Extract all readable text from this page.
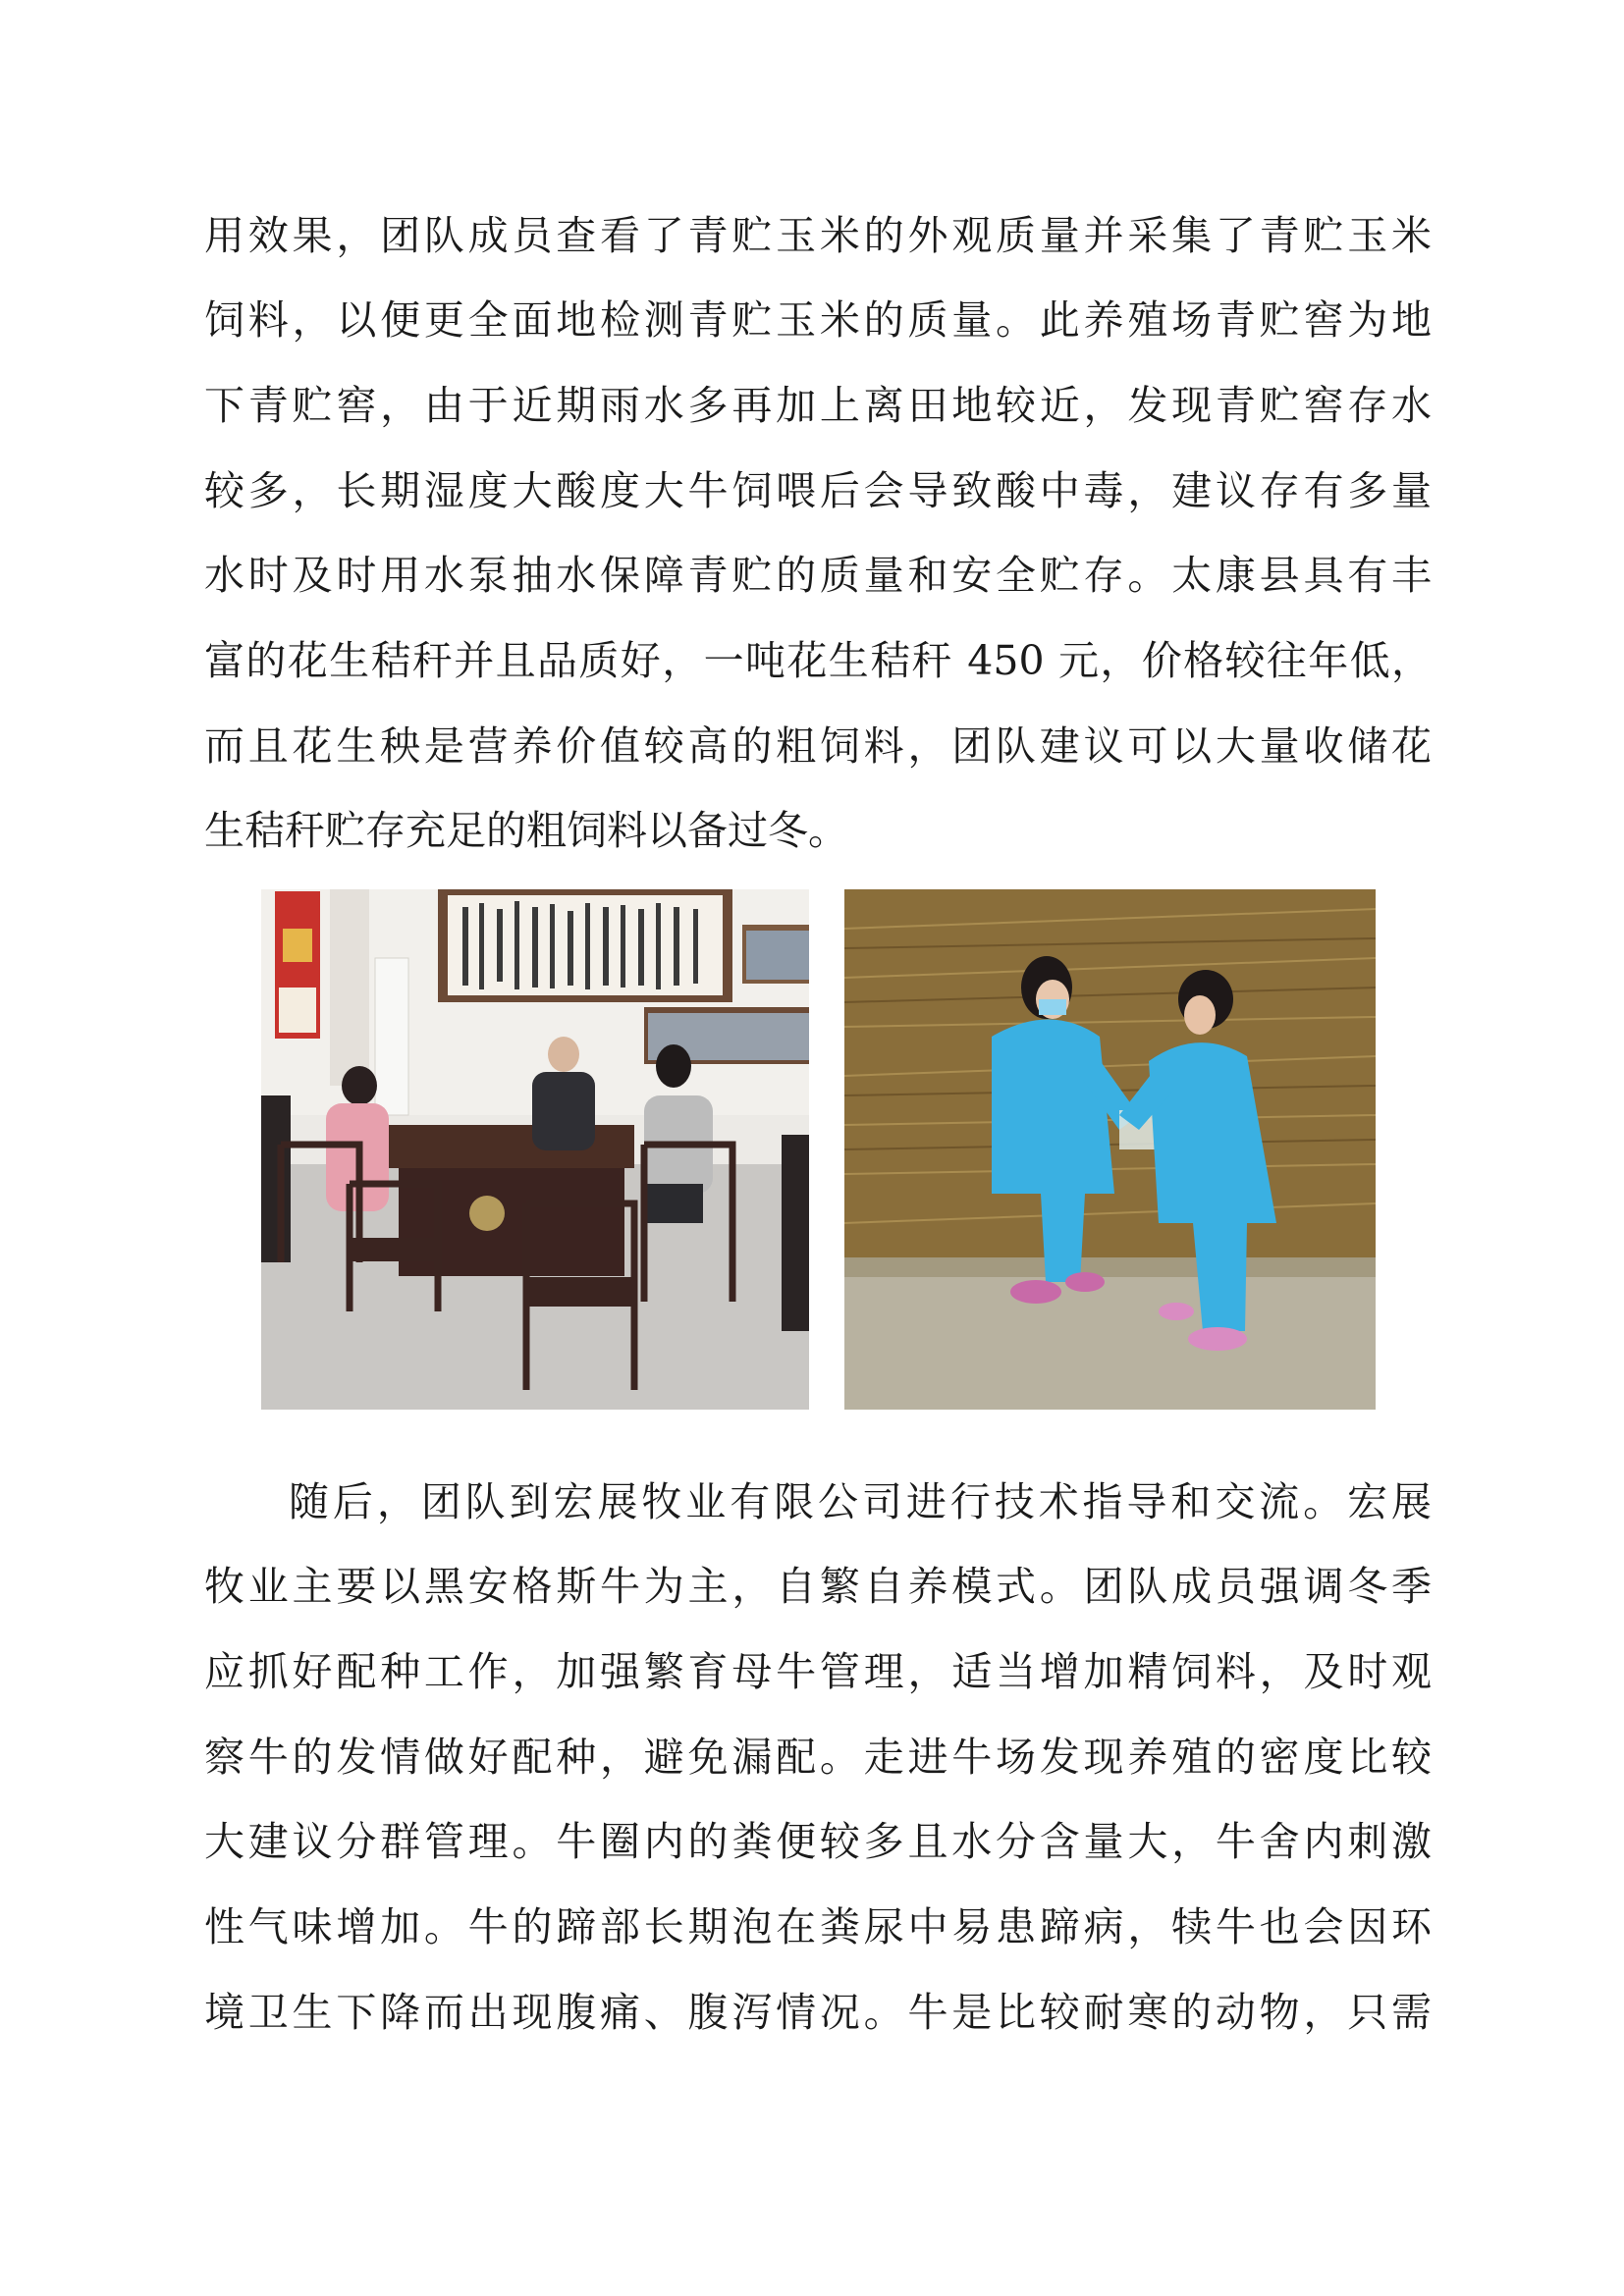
用效果，团队成员查看了青贮玉米的外观质量并采集了青贮玉米
饲料，以便更全面地检测青贮玉米的质量。此养殖场青贮窖为地
下青贮窖，由于近期雨水多再加上离田地较近，发现青贮窖存水
较多，长期湿度大酸度大牛饲喂后会导致酸中毒，建议存有多量
水时及时用水泵抽水保障青贮的质量和安全贮存。太康县具有丰
富的花生秸秆并且品质好，一吨花生秸秆 450 元，价格较往年低，
而且花生秧是营养价值较高的粗饲料，团队建议可以大量收储花
生秸秆贮存充足的粗饲料以备过冬。
随后，团队到宏展牧业有限公司进行技术指导和交流。宏展
牧业主要以黑安格斯牛为主，自繁自养模式。团队成员强调冬季
应抓好配种工作，加强繁育母牛管理，适当增加精饲料，及时观
察牛的发情做好配种，避免漏配。走进牛场发现养殖的密度比较
大建议分群管理。牛圈内的粪便较多且水分含量大，牛舍内刺激
性气味增加。牛的蹄部长期泡在粪尿中易患蹄病，犊牛也会因环
境卫生下降而出现腹痛、腹泻情况。牛是比较耐寒的动物，只需
